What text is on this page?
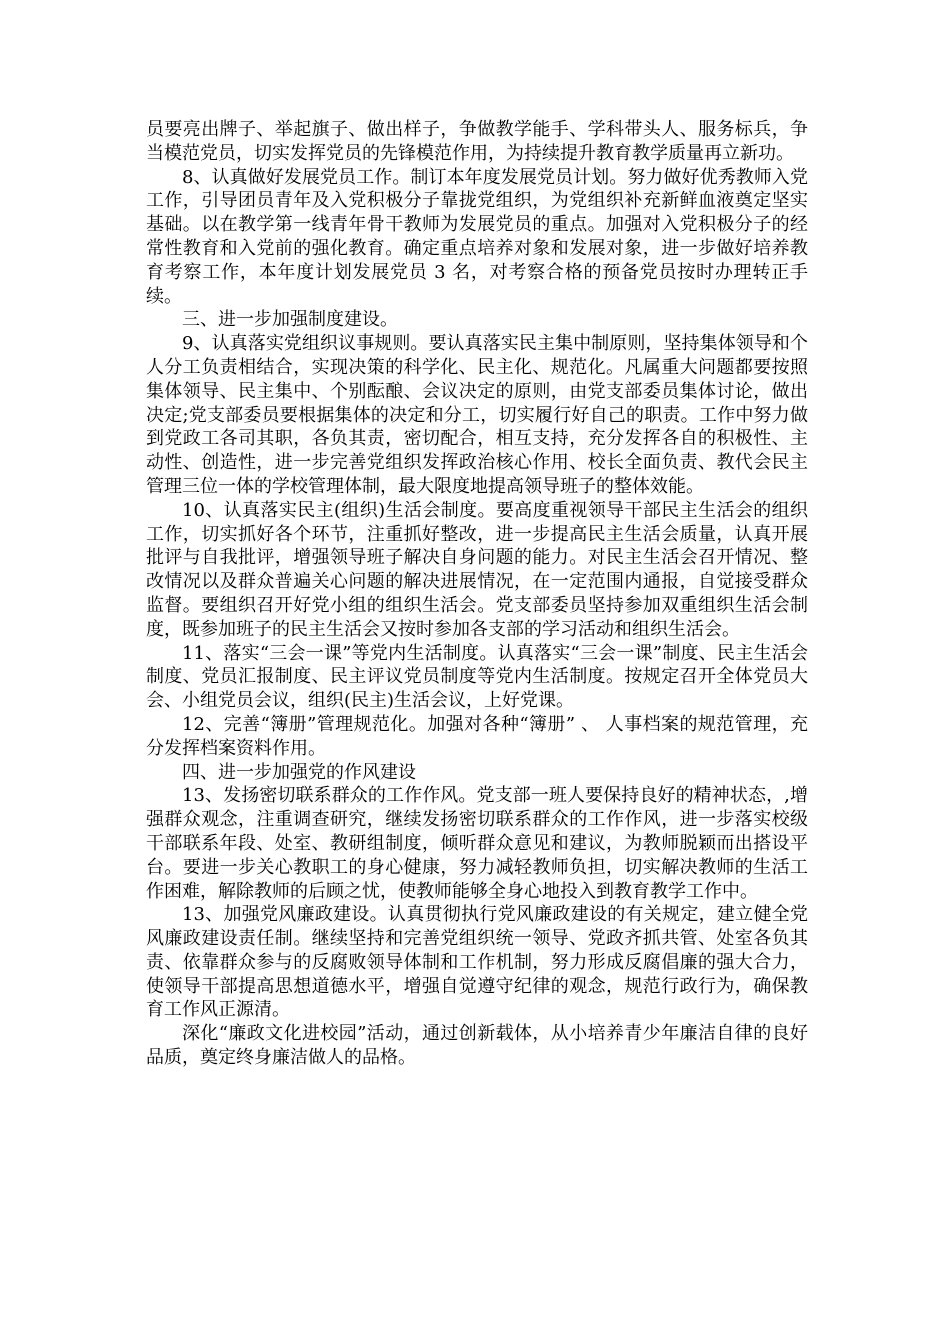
员要亮出牌子、举起旗子、做出样子，争做教学能手、学科带头人、服务标兵，争当模范党员，切实发挥党员的先锋模范作用，为持续提升教育教学质量再立新功。

8、认真做好发展党员工作。制订本年度发展党员计划。努力做好优秀教师入党工作，引导团员青年及入党积极分子靠拢党组织，为党组织补充新鲜血液奠定坚实基础。以在教学第一线青年骨干教师为发展党员的重点。加强对入党积极分子的经常性教育和入党前的强化教育。确定重点培养对象和发展对象，进一步做好培养教育考察工作，本年度计划发展党员 3 名，对考察合格的预备党员按时办理转正手续。

三、进一步加强制度建设。

9、认真落实党组织议事规则。要认真落实民主集中制原则，坚持集体领导和个人分工负责相结合，实现决策的科学化、民主化、规范化。凡属重大问题都要按照集体领导、民主集中、个别酝酿、会议决定的原则，由党支部委员集体讨论，做出决定;党支部委员要根据集体的决定和分工，切实履行好自己的职责。工作中努力做到党政工各司其职，各负其责，密切配合，相互支持，充分发挥各自的积极性、主动性、创造性，进一步完善党组织发挥政治核心作用、校长全面负责、教代会民主管理三位一体的学校管理体制，最大限度地提高领导班子的整体效能。

10、认真落实民主(组织)生活会制度。要高度重视领导干部民主生活会的组织工作，切实抓好各个环节，注重抓好整改，进一步提高民主生活会质量，认真开展批评与自我批评，增强领导班子解决自身问题的能力。对民主生活会召开情况、整改情况以及群众普遍关心问题的解决进展情况，在一定范围内通报，自觉接受群众监督。要组织召开好党小组的组织生活会。党支部委员坚持参加双重组织生活会制度，既参加班子的民主生活会又按时参加各支部的学习活动和组织生活会。

11、落实“三会一课”等党内生活制度。认真落实“三会一课”制度、民主生活会制度、党员汇报制度、民主评议党员制度等党内生活制度。按规定召开全体党员大会、小组党员会议，组织(民主)生活会议，上好党课。

12、完善“簿册”管理规范化。加强对各种“簿册” 、 人事档案的规范管理，充分发挥档案资料作用。

四、进一步加强党的作风建设

13、发扬密切联系群众的工作作风。党支部一班人要保持良好的精神状态，,增强群众观念，注重调查研究，继续发扬密切联系群众的工作作风，进一步落实校级干部联系年段、处室、教研组制度，倾听群众意见和建议，为教师脱颖而出搭设平台。要进一步关心教职工的身心健康，努力减轻教师负担，切实解决教师的生活工作困难，解除教师的后顾之忧，使教师能够全身心地投入到教育教学工作中。

13、加强党风廉政建设。认真贯彻执行党风廉政建设的有关规定，建立健全党风廉政建设责任制。继续坚持和完善党组织统一领导、党政齐抓共管、处室各负其责、依靠群众参与的反腐败领导体制和工作机制，努力形成反腐倡廉的强大合力，使领导干部提高思想道德水平，增强自觉遵守纪律的观念，规范行政行为，确保教育工作风正源清。

深化“廉政文化进校园”活动，通过创新载体，从小培养青少年廉洁自律的良好品质，奠定终身廉洁做人的品格。
